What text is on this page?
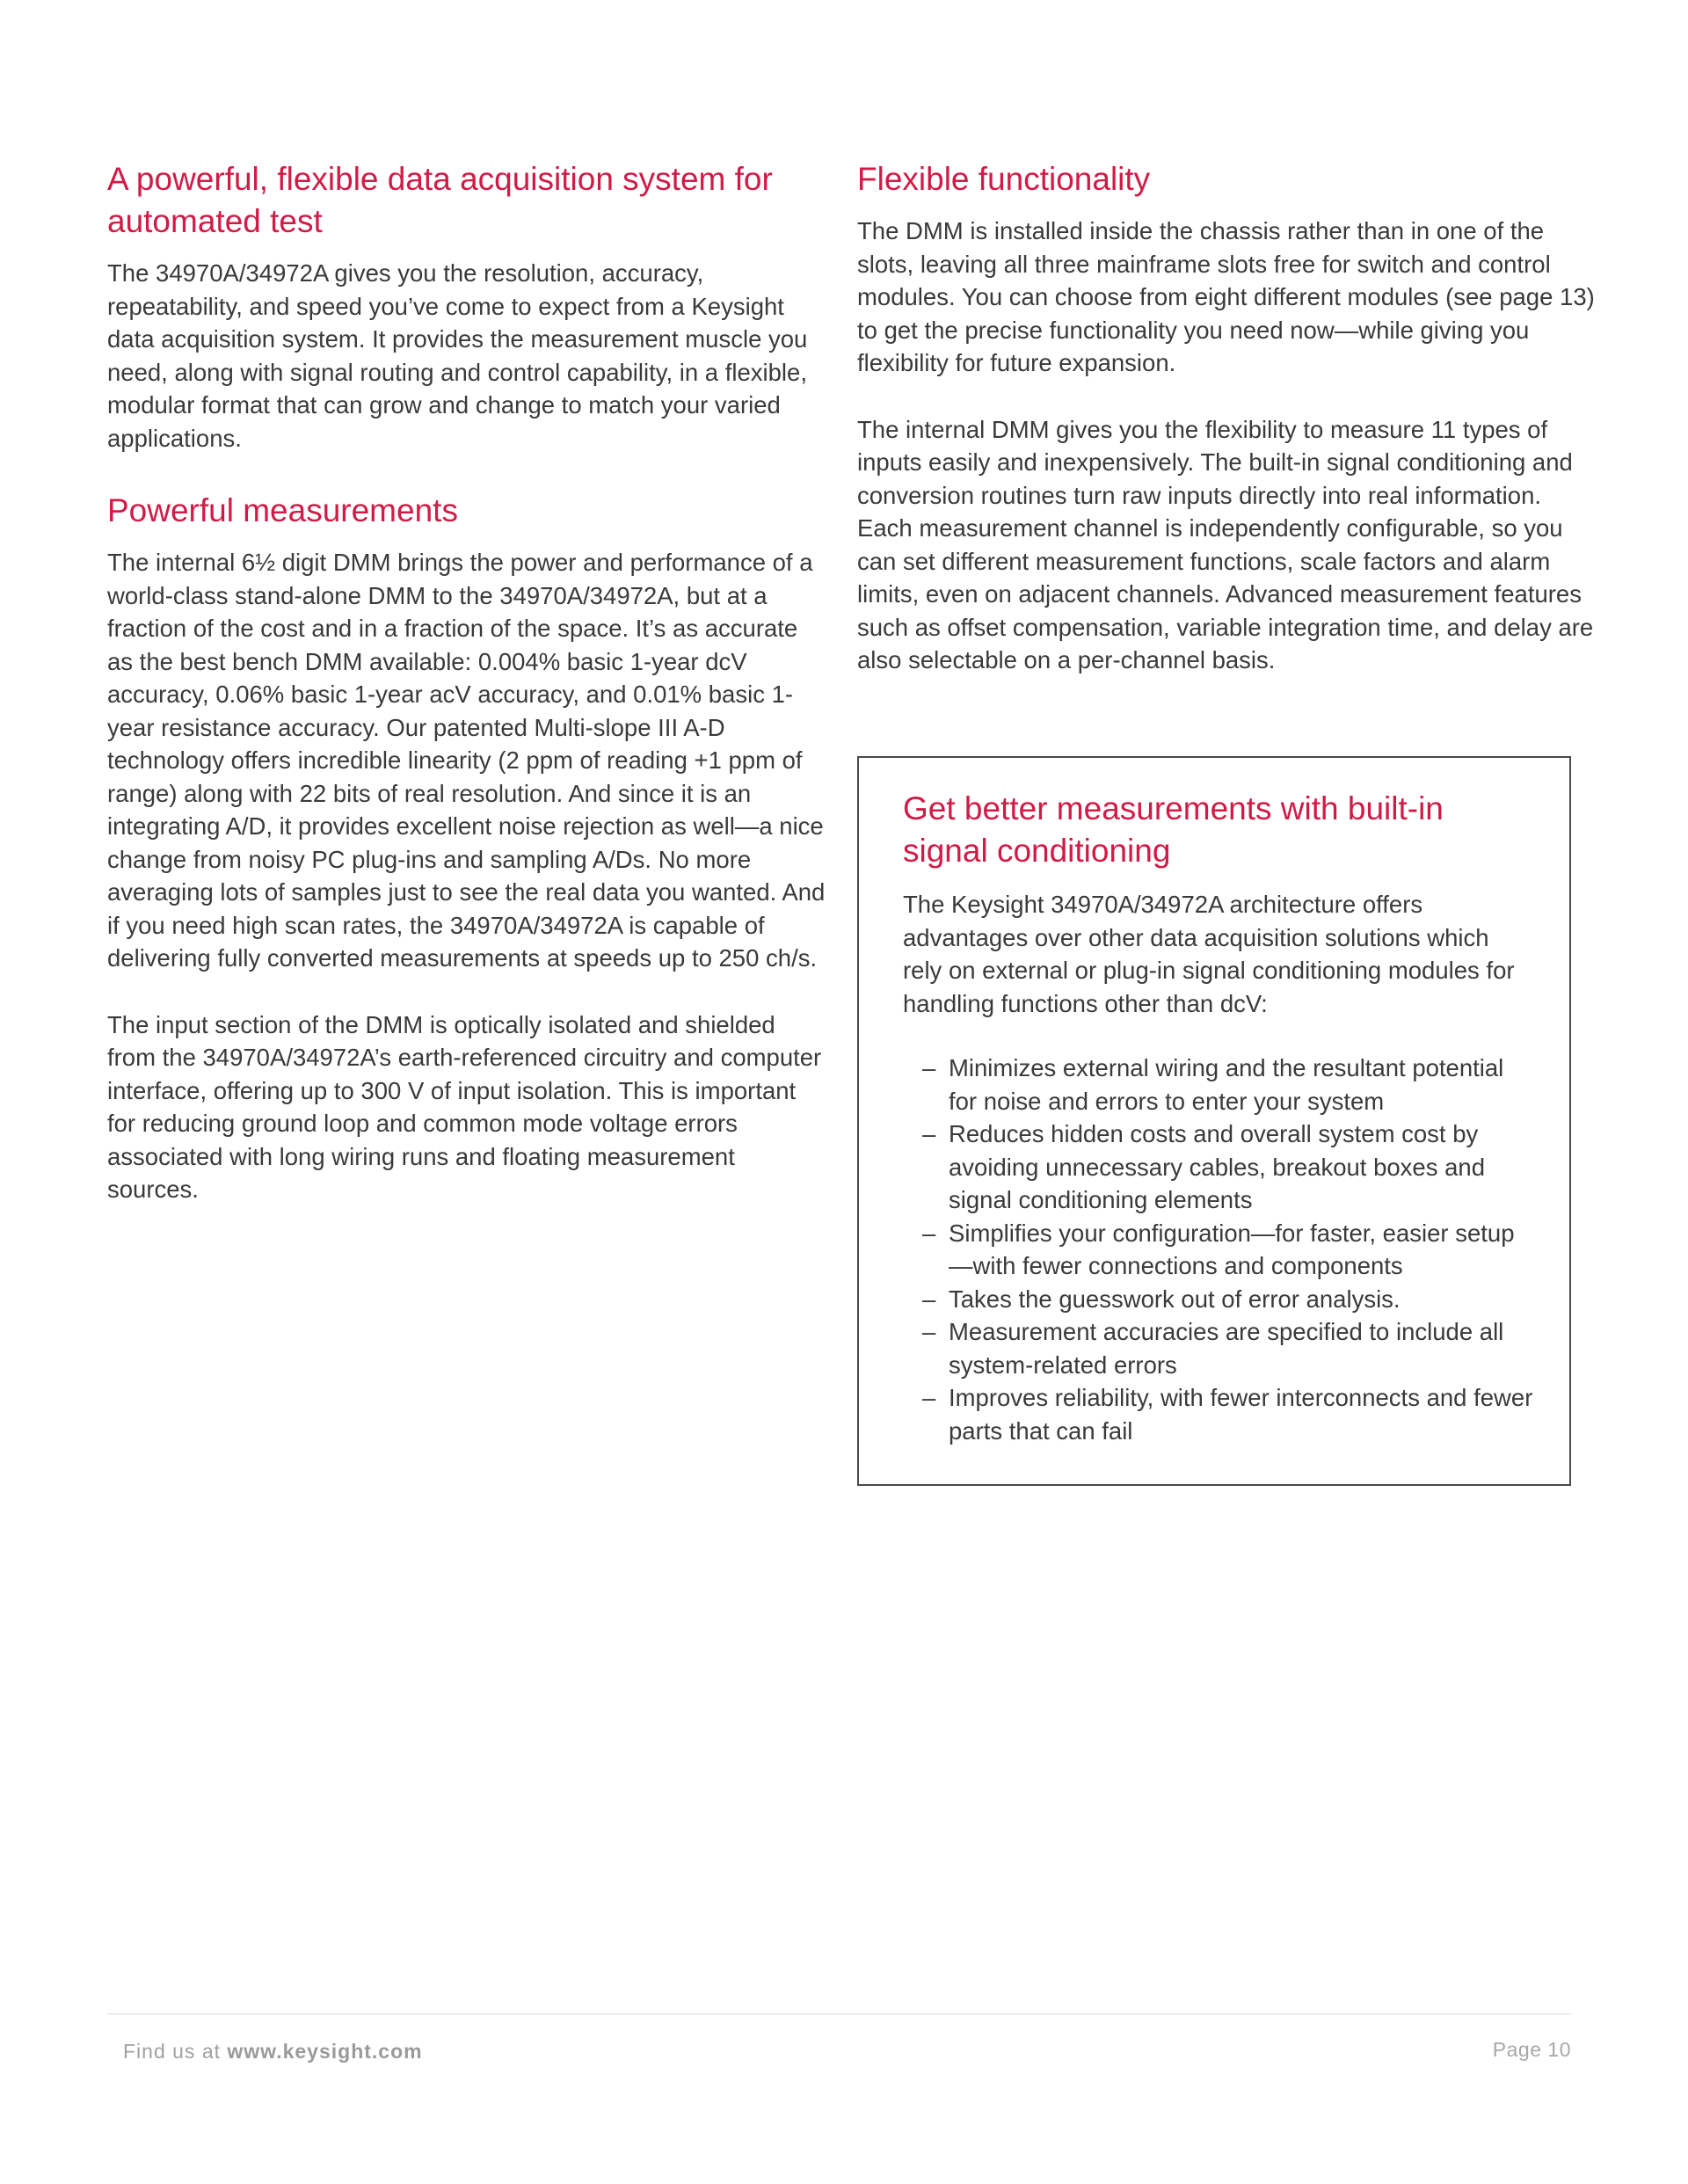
A powerful, flexible data acquisition system for automated test

The 34970A/34972A gives you the resolution, accuracy, repeatability, and speed you’ve come to expect from a Keysight data acquisition system. It provides the measurement muscle you need, along with signal routing and control capability, in a flexible, modular format that can grow and change to match your varied applications.

Powerful measurements

The internal 6½ digit DMM brings the power and performance of a world-class stand-alone DMM to the 34970A/34972A, but at a fraction of the cost and in a fraction of the space. It’s as accurate as the best bench DMM available: 0.004% basic 1-year dcV accuracy, 0.06% basic 1-year acV accuracy, and 0.01% basic 1-year resistance accuracy. Our patented Multi-slope III A-D technology offers incredible linearity (2 ppm of reading +1 ppm of range) along with 22 bits of real resolution. And since it is an integrating A/D, it provides excellent noise rejection as well—a nice change from noisy PC plug-ins and sampling A/Ds. No more averaging lots of samples just to see the real data you wanted. And if you need high scan rates, the 34970A/34972A is capable of delivering fully converted measurements at speeds up to 250 ch/s.

The input section of the DMM is optically isolated and shielded from the 34970A/34972A’s earth-referenced circuitry and computer interface, offering up to 300 V of input isolation. This is important for reducing ground loop and common mode voltage errors associated with long wiring runs and floating measurement sources.

Flexible functionality

The DMM is installed inside the chassis rather than in one of the slots, leaving all three mainframe slots free for switch and control modules. You can choose from eight different modules (see page 13) to get the precise functionality you need now—while giving you flexibility for future expansion.

The internal DMM gives you the flexibility to measure 11 types of inputs easily and inexpensively. The built-in signal conditioning and conversion routines turn raw inputs directly into real information. Each measurement channel is independently configurable, so you can set different measurement functions, scale factors and alarm limits, even on adjacent channels. Advanced measurement features such as offset compensation, variable integration time, and delay are also selectable on a per-channel basis.

Get better measurements with built-in signal conditioning

The Keysight 34970A/34972A architecture offers advantages over other data acquisition solutions which rely on external or plug-in signal conditioning modules for handling functions other than dcV:

– Minimizes external wiring and the resultant potential for noise and errors to enter your system
– Reduces hidden costs and overall system cost by avoiding unnecessary cables, breakout boxes and signal conditioning elements
– Simplifies your configuration—for faster, easier setup—with fewer connections and components
– Takes the guesswork out of error analysis.
– Measurement accuracies are specified to include all system-related errors
– Improves reliability, with fewer interconnects and fewer parts that can fail
Find us at www.keysight.com	Page 10
